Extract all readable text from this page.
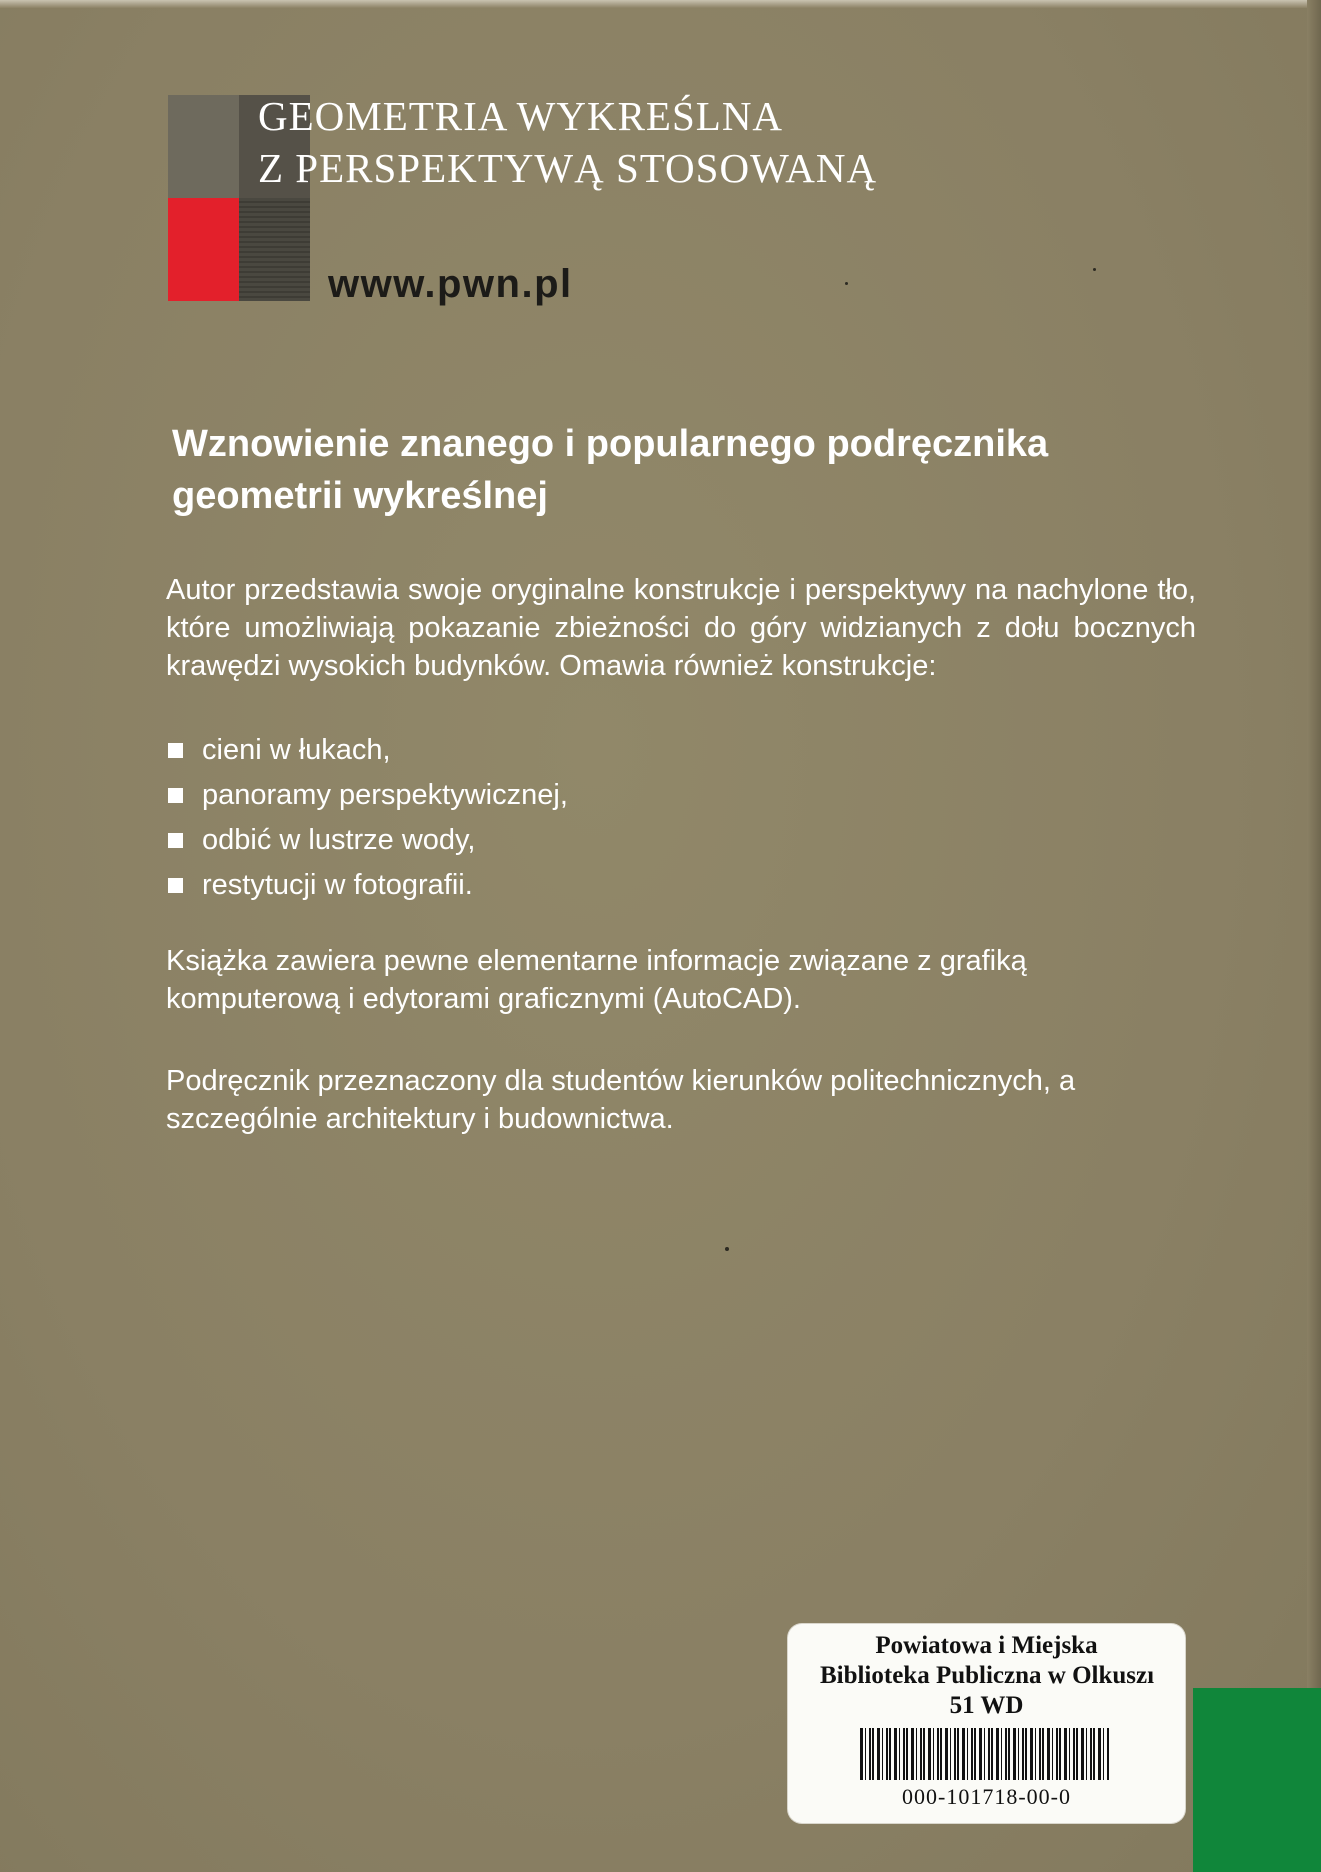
GEOMETRIA WYKREŚLNA
Z PERSPEKTYWĄ STOSOWANĄ
www.pwn.pl
Wznowienie znanego i popularnego podręcznika
geometrii wykreślnej

Autor przedstawia swoje oryginalne konstrukcje i perspektywy na nachylone tło, które umożliwiają pokazanie zbieżności do góry widzianych z dołu bocznych krawędzi wysokich budynków. Omawia również konstrukcje:

cieni w łukach,
panoramy perspektywicznej,
odbić w lustrze wody,
restytucji w fotografii.

Książka zawiera pewne elementarne informacje związane z grafiką komputerową i edytorami graficznymi (AutoCAD).

Podręcznik przeznaczony dla studentów kierunków politechnicznych, a szczególnie architektury i budownictwa.

Powiatowa i Miejska
Biblioteka Publiczna w Olkuszı
51 WD
000-101718-00-0
